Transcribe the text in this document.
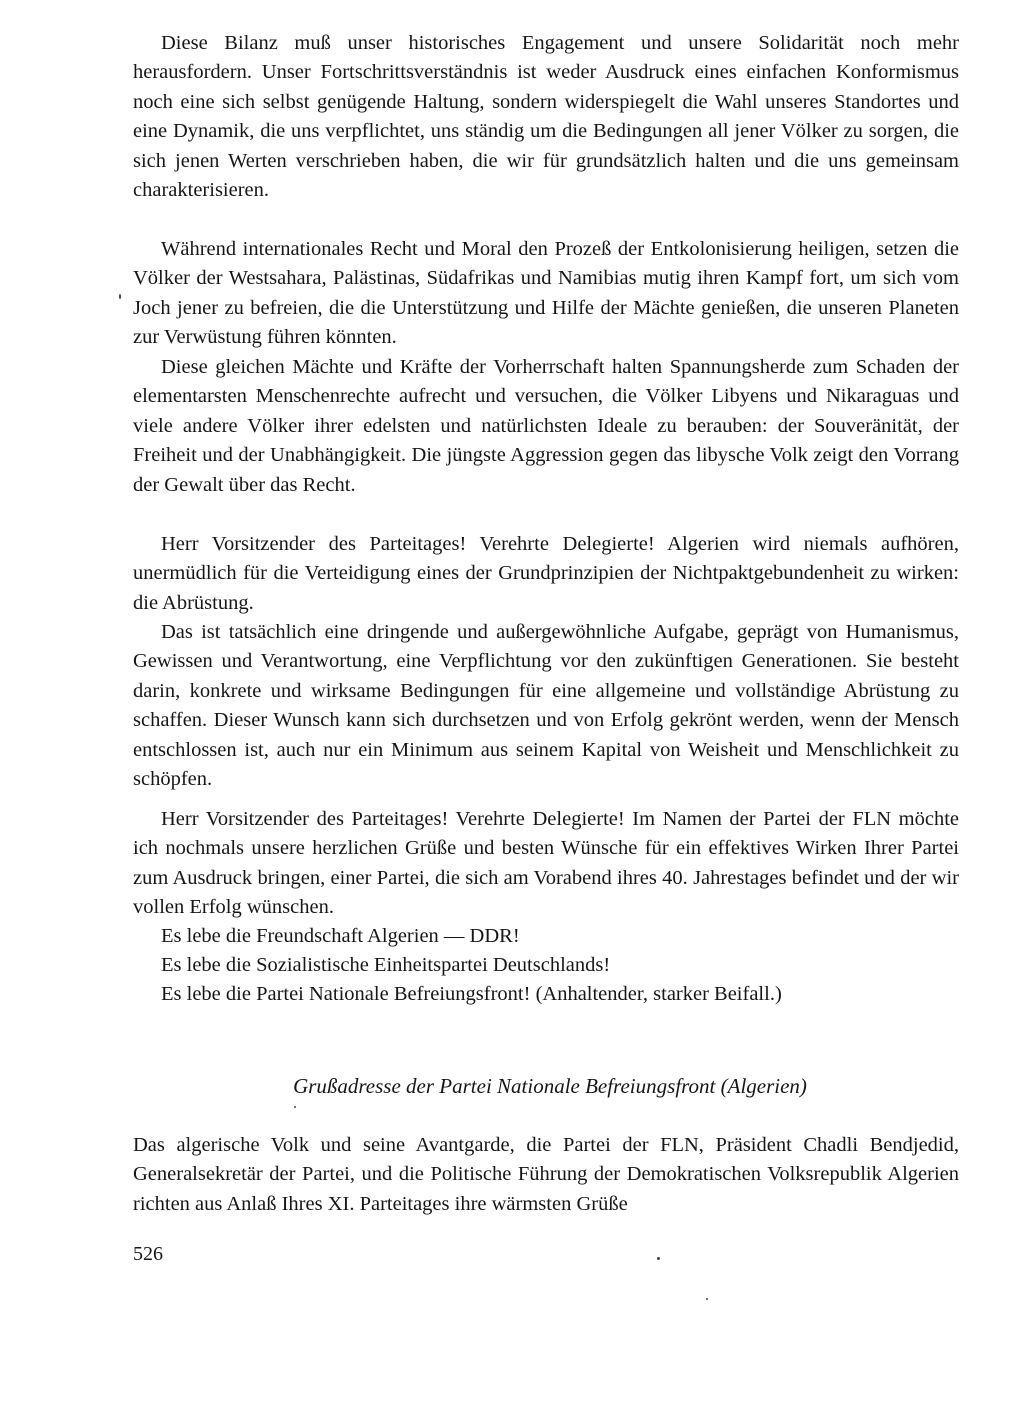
Diese Bilanz muß unser historisches Engagement und unsere Solidarität noch mehr herausfordern. Unser Fortschrittsverständnis ist weder Ausdruck eines einfachen Konformismus noch eine sich selbst genügende Haltung, sondern widerspiegelt die Wahl unseres Standortes und eine Dynamik, die uns verpflichtet, uns ständig um die Bedingungen all jener Völker zu sorgen, die sich jenen Werten verschrieben haben, die wir für grundsätzlich halten und die uns gemeinsam charakterisieren.

Während internationales Recht und Moral den Prozeß der Entkolonisierung heiligen, setzen die Völker der Westsahara, Palästinas, Südafrikas und Namibias mutig ihren Kampf fort, um sich vom Joch jener zu befreien, die die Unterstützung und Hilfe der Mächte genießen, die unseren Planeten zur Verwüstung führen könnten.

Diese gleichen Mächte und Kräfte der Vorherrschaft halten Spannungsherde zum Schaden der elementarsten Menschenrechte aufrecht und versuchen, die Völker Libyens und Nikaraguas und viele andere Völker ihrer edelsten und natürlichsten Ideale zu berauben: der Souveränität, der Freiheit und der Unabhängigkeit. Die jüngste Aggression gegen das libysche Volk zeigt den Vorrang der Gewalt über das Recht.

Herr Vorsitzender des Parteitages! Verehrte Delegierte! Algerien wird niemals aufhören, unermüdlich für die Verteidigung eines der Grundprinzipien der Nichtpaktgebundenheit zu wirken: die Abrüstung.

Das ist tatsächlich eine dringende und außergewöhnliche Aufgabe, geprägt von Humanismus, Gewissen und Verantwortung, eine Verpflichtung vor den zukünftigen Generationen. Sie besteht darin, konkrete und wirksame Bedingungen für eine allgemeine und vollständige Abrüstung zu schaffen. Dieser Wunsch kann sich durchsetzen und von Erfolg gekrönt werden, wenn der Mensch entschlossen ist, auch nur ein Minimum aus seinem Kapital von Weisheit und Menschlichkeit zu schöpfen.

Herr Vorsitzender des Parteitages! Verehrte Delegierte! Im Namen der Partei der FLN möchte ich nochmals unsere herzlichen Grüße und besten Wünsche für ein effektives Wirken Ihrer Partei zum Ausdruck bringen, einer Partei, die sich am Vorabend ihres 40. Jahrestages befindet und der wir vollen Erfolg wünschen.

Es lebe die Freundschaft Algerien — DDR!

Es lebe die Sozialistische Einheitspartei Deutschlands!

Es lebe die Partei Nationale Befreiungsfront! (Anhaltender, starker Beifall.)

Grußadresse der Partei Nationale Befreiungsfront (Algerien)

Das algerische Volk und seine Avantgarde, die Partei der FLN, Präsident Chadli Bendjedid, Generalsekretär der Partei, und die Politische Führung der Demokratischen Volksrepublik Algerien richten aus Anlaß Ihres XI. Parteitages ihre wärmsten Grüße

526
